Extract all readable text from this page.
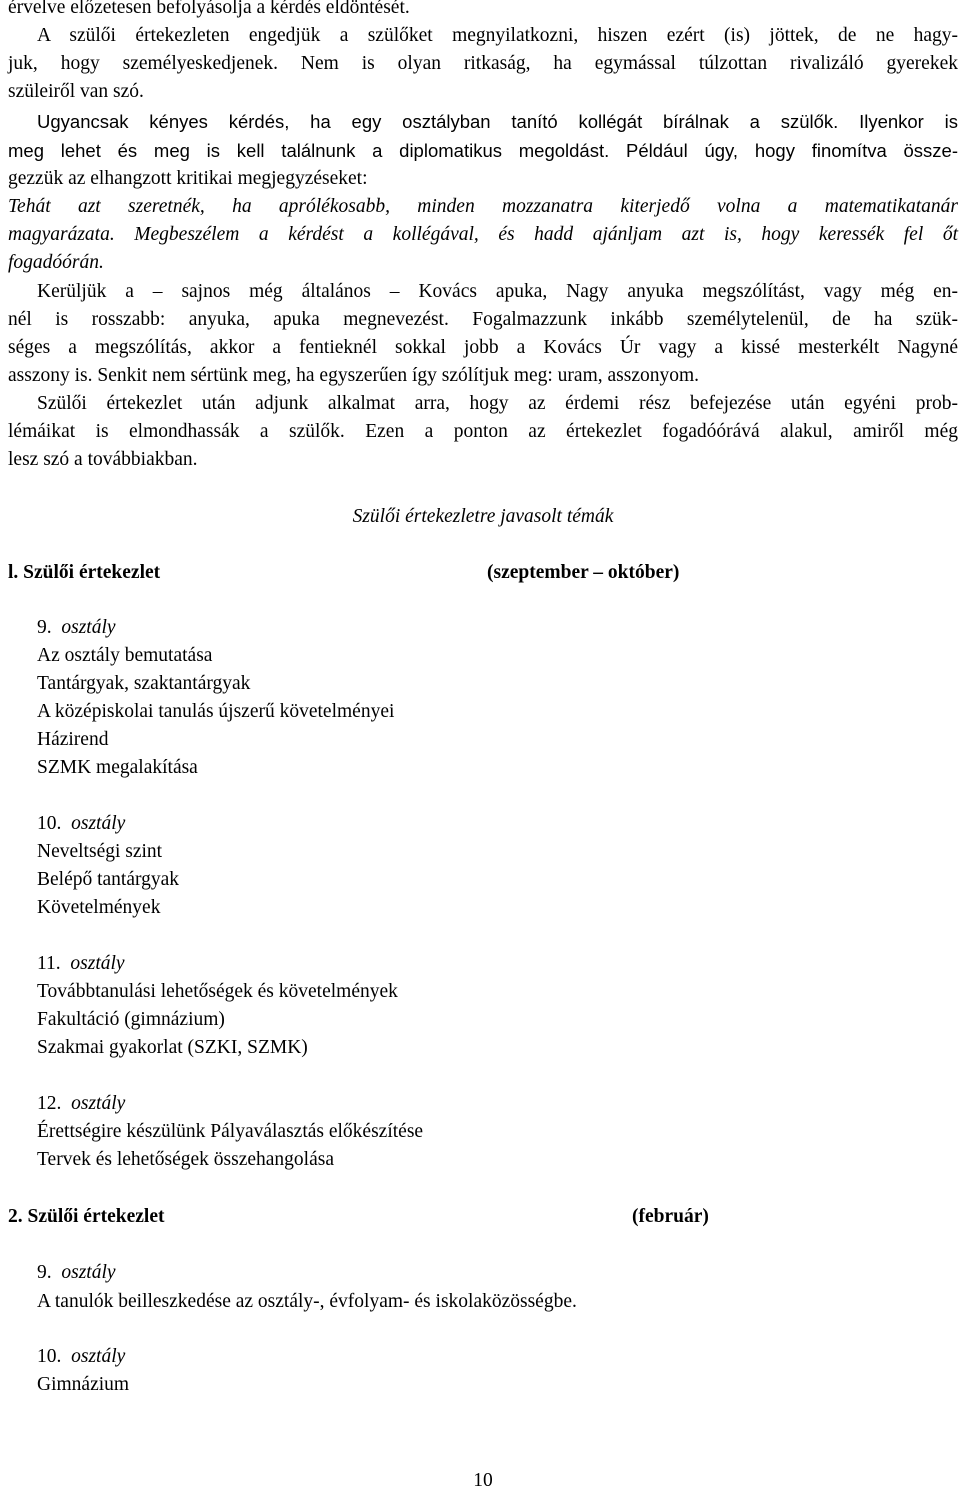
érvelve előzetesen befolyásolja a kérdés eldöntését.
A szülői értekezleten engedjük a szülőket megnyilatkozni, hiszen ezért (is) jöttek, de ne hagy-
juk, hogy személyeskedjenek. Nem is olyan ritkaság, ha egymással túlzottan rivalizáló gyerekek
szüleiről van szó.
Ugyancsak kényes kérdés, ha egy osztályban tanító kollégát bírálnak a szülők. Ilyenkor is
meg lehet és meg is kell találnunk a diplomatikus megoldást. Például úgy, hogy finomítva össze-
gezzük az elhangzott kritikai megjegyzéseket:
Tehát azt szeretnék, ha aprólékosabb, minden mozzanatra kiterjedő volna a matematikatanár
magyarázata. Megbeszélem a kérdést a kollégával, és hadd ajánljam azt is, hogy keressék fel őt
fogadóórán.
Kerüljük a – sajnos még általános – Kovács apuka, Nagy anyuka megszólítást, vagy még en-
nél is rosszabb: anyuka, apuka megnevezést. Fogalmazzunk inkább személytelenül, de ha szük-
séges a megszólítás, akkor a fentieknél sokkal jobb a Kovács Úr vagy a kissé mesterkélt Nagyné
asszony is. Senkit nem sértünk meg, ha egyszerűen így szólítjuk meg: uram, asszonyom.
Szülői értekezlet után adjunk alkalmat arra, hogy az érdemi rész befejezése után egyéni prob-
lémáikat is elmondhassák a szülők. Ezen a ponton az értekezlet fogadóórává alakul, amiről még
lesz szó a továbbiakban.
Szülői értekezletre javasolt témák
l. Szülői értekezlet	(szeptember – október)
9. osztály
Az osztály bemutatása
Tantárgyak, szaktantárgyak
A középiskolai tanulás újszerű követelményei
Házirend
SZMK megalakítása
10. osztály
Neveltségi szint
Belépő tantárgyak
Követelmények
11. osztály
Továbbtanulási lehetőségek és követelmények
Fakultáció (gimnázium)
Szakmai gyakorlat (SZKI, SZMK)
12. osztály
Érettségire készülünk Pályaválasztás előkészítése
Tervek és lehetőségek összehangolása
2. Szülői értekezlet	(február)
9. osztály
A tanulók beilleszkedése az osztály-, évfolyam- és iskolaközösségbe.
10. osztály
Gimnázium
10
